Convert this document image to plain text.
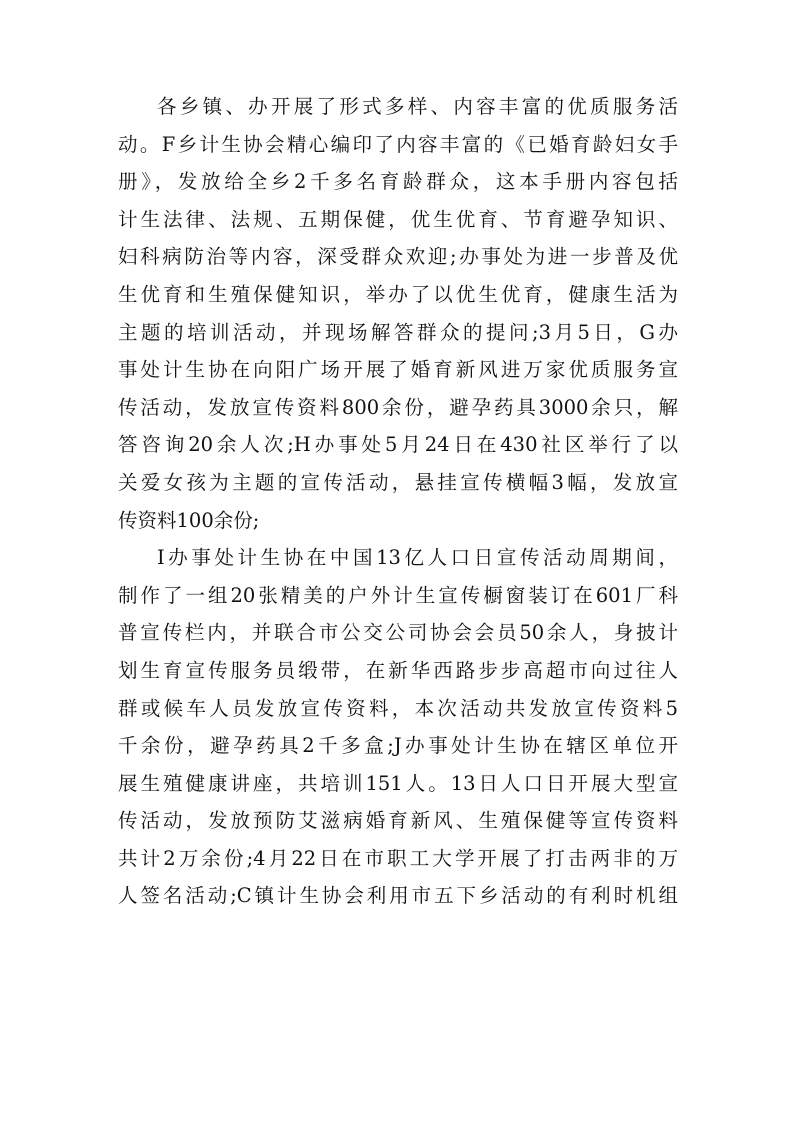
各乡镇、办开展了形式多样、内容丰富的优质服务活
动。F乡计生协会精心编印了内容丰富的《已婚育龄妇女手
册》，发放给全乡2千多名育龄群众，这本手册内容包括
计生法律、法规、五期保健，优生优育、节育避孕知识、
妇科病防治等内容，深受群众欢迎;办事处为进一步普及优
生优育和生殖保健知识，举办了以优生优育，健康生活为
主题的培训活动，并现场解答群众的提问;3月5日，G办
事处计生协在向阳广场开展了婚育新风进万家优质服务宣
传活动，发放宣传资料800余份，避孕药具3000余只，解
答咨询20余人次;H办事处5月24日在430社区举行了以
关爱女孩为主题的宣传活动，悬挂宣传横幅3幅，发放宣
传资料100余份;
I办事处计生协在中国13亿人口日宣传活动周期间，
制作了一组20张精美的户外计生宣传橱窗装订在601厂科
普宣传栏内，并联合市公交公司协会会员50余人，身披计
划生育宣传服务员缎带，在新华西路步步高超市向过往人
群或候车人员发放宣传资料，本次活动共发放宣传资料5
千余份，避孕药具2千多盒;J办事处计生协在辖区单位开
展生殖健康讲座，共培训151人。13日人口日开展大型宣
传活动，发放预防艾滋病婚育新风、生殖保健等宣传资料
共计2万余份;4月22日在市职工大学开展了打击两非的万
人签名活动;C镇计生协会利用市五下乡活动的有利时机组
